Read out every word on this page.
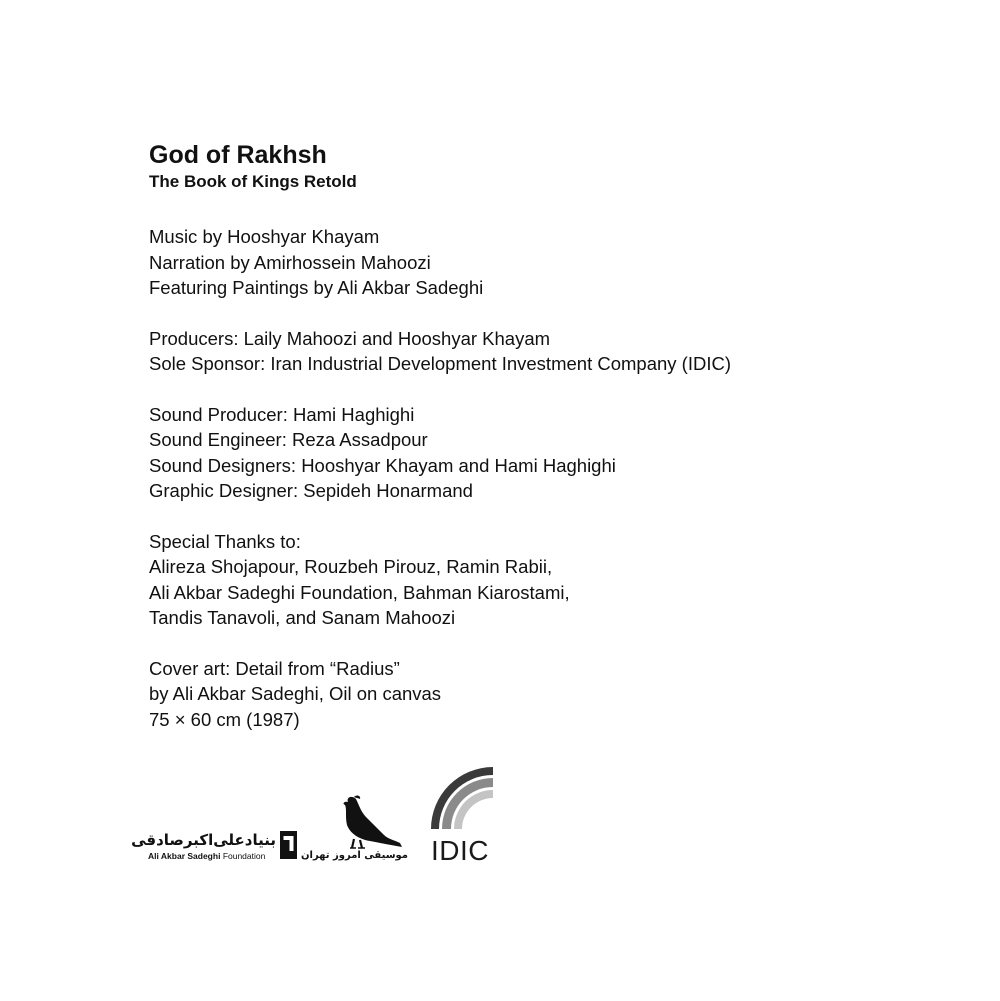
God of Rakhsh
The Book of Kings Retold
Music by Hooshyar Khayam
Narration by Amirhossein Mahoozi
Featuring Paintings by Ali Akbar Sadeghi
Producers: Laily Mahoozi and Hooshyar Khayam
Sole Sponsor: Iran Industrial Development Investment Company (IDIC)
Sound Producer: Hami Haghighi
Sound Engineer: Reza Assadpour
Sound Designers: Hooshyar Khayam and Hami Haghighi
Graphic Designer: Sepideh Honarmand
Special Thanks to:
Alireza Shojapour, Rouzbeh Pirouz, Ramin Rabii,
Ali Akbar Sadeghi Foundation, Bahman Kiarostami,
Tandis Tanavoli, and Sanam Mahoozi
Cover art: Detail from “Radius”
by Ali Akbar Sadeghi, Oil on canvas
75 × 60 cm (1987)
بنیادعلی‌اکبرصادقی
Ali Akbar Sadeghi Foundation	موسیقی امروز تهران IDIC
